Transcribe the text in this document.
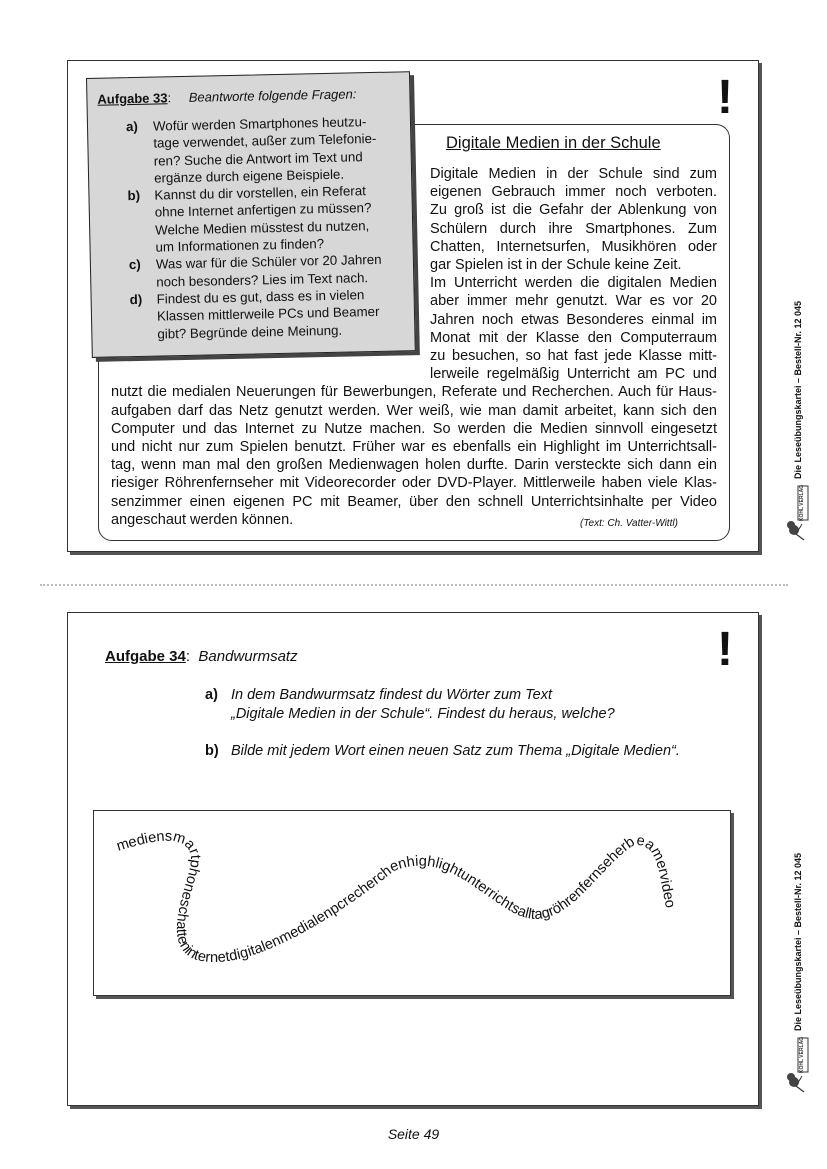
!
Digitale Medien in der Schule
Digitale Medien in der Schule sind zum
eigenen Gebrauch immer noch verboten.
Zu groß ist die Gefahr der Ablenkung von
Schülern durch ihre Smartphones. Zum
Chatten, Internetsurfen, Musikhören oder
gar Spielen ist in der Schule keine Zeit.
Im Unterricht werden die digitalen Medien
aber immer mehr genutzt. War es vor 20
Jahren noch etwas Besonderes einmal im
Monat mit der Klasse den Computerraum
zu besuchen, so hat fast jede Klasse mitt-
lerweile regelmäßig Unterricht am PC und
nutzt die medialen Neuerungen für Bewerbungen, Referate und Recherchen. Auch für Haus-
aufgaben darf das Netz genutzt werden. Wer weiß, wie man damit arbeitet, kann sich den
Computer und das Internet zu Nutze machen. So werden die Medien sinnvoll eingesetzt
und nicht nur zum Spielen benutzt. Früher war es ebenfalls ein Highlight im Unterrichtsall-
tag, wenn man mal den großen Medienwagen holen durfte. Darin versteckte sich dann ein
riesiger Röhrenfernseher mit Videorecorder oder DVD-Player. Mittlerweile haben viele Klas-
senzimmer einen eigenen PC mit Beamer, über den schnell Unterrichtsinhalte per Video
angeschaut werden können.	(Text: Ch. Vatter-Wittl)
Aufgabe 33: Beantworte folgende Fragen:
a)	Wofür werden Smartphones heutzu-
tage verwendet, außer zum Telefonie-
ren? Suche die Antwort im Text und
ergänze durch eigene Beispiele.
b)	Kannst du dir vorstellen, ein Referat
ohne Internet anfertigen zu müssen?
Welche Medien müsstest du nutzen,
um Informationen zu finden?
c)	Was war für die Schüler vor 20 Jahren
noch besonders? Lies im Text nach.
d)	Findest du es gut, dass es in vielen
Klassen mittlerweile PCs und Beamer
gibt? Begründe deine Meinung.
!
Aufgabe 34: Bandwurmsatz
a) In dem Bandwurmsatz findest du Wörter zum Text
„Digitale Medien in der Schule“. Findest du heraus, welche?
b) Bilde mit jedem Wort einen neuen Satz zum Thema „Digitale Medien“.
mediensmartphoneschatteninternetdigitalenmedialenpcrecherchenhighlightunterrichtsalltagröhrenfernseherbeamervideo
Die Leseübungskartei – Bestell-Nr. 12 045
KOHL VERLAG
Die Leseübungskartei – Bestell-Nr. 12 045
KOHL VERLAG
Seite 49
